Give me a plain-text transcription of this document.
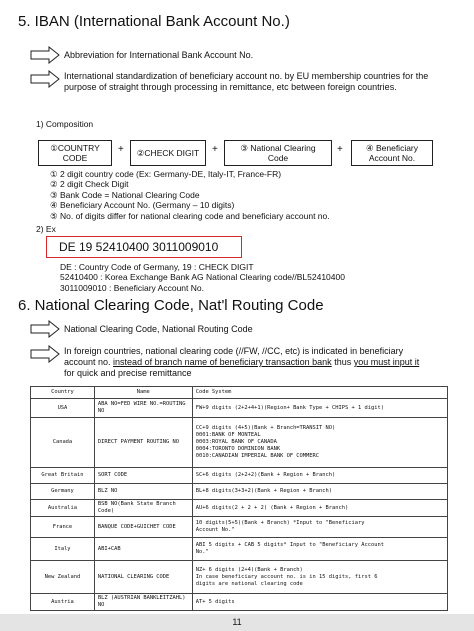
5. IBAN (International Bank Account No.)
Abbreviation for International Bank Account No.
International standardization of beneficiary account no. by EU membership countries for the
purpose of straight through processing in remittance, etc between foreign countries.
1) Composition
①COUNTRY
CODE
+	②CHECK DIGIT	+	③ National Clearing
Code
+	④ Beneficiary
Account No.
① 2 digit country code (Ex: Germany-DE, Italy-IT, France-FR)
② 2 digit Check Digit
③ Bank Code = National Clearing Code
④ Beneficiary Account No. (Germany – 10 digits)
⑤ No. of digits differ for national clearing code and beneficiary account no.
2) Ex
DE 19 52410400 3011009010
DE : Country Code of Germany, 19 : CHECK DIGIT
52410400 : Korea Exchange Bank AG National Clearing code//BL52410400
3011009010 : Beneficiary Account No.
6. National Clearing Code, Nat'l Routing Code
National Clearing Code, National Routing Code
In foreign countries, national clearing code (//FW, //CC, etc) is indicated in beneficiary
account no. instead of branch name of beneficiary transaction bank thus you must input it
for quick and precise remittance
Country	Name	Code System
USA	ABA NO=FED WIRE NO.=ROUTING NO	FW+9 digits (2+2+4+1)(Region+ Bank Type + CHIPS + 1 digit)
Canada	DIRECT PAYMENT ROUTING NO	CC+9 digits (4+5)(Bank + Branch=TRANSIT NO)
0001:BANK OF MONTEAL
0003:ROYAL BANK OF CANADA
0004:TORONTO DOMINION BANK
0010:CANADIAN IMPERIAL BANK OF COMMERC
Great Britain	SORT CODE	SC+6 digits (2+2+2)(Bank + Region + Branch)
Germany	BLZ NO	BL+8 digits(3+3+2)(Bank + Region + Branch)
Australia	BSB NO(Bank State Branch Code)	AU+6 digits(2 + 2 + 2) (Bank + Region + Branch)
France	BANQUE CODE+GUICHET CODE	10 digits(5+5)(Bank + Branch) *Input to "Beneficiary
Account No."
Italy	ABI+CAB	ABI 5 digits + CAB 5 digits* Input to "Beneficiary Account
No."
New Zealand	NATIONAL CLEARING CODE	NZ+ 6 digits (2+4)(Bank + Branch)
In case beneficiary account no. is in 15 digits, first 6
digits are national clearing code
Austria	BLZ (AUSTRIAN BANKLEITZAHL) NO	AT+ 5 digits
11
